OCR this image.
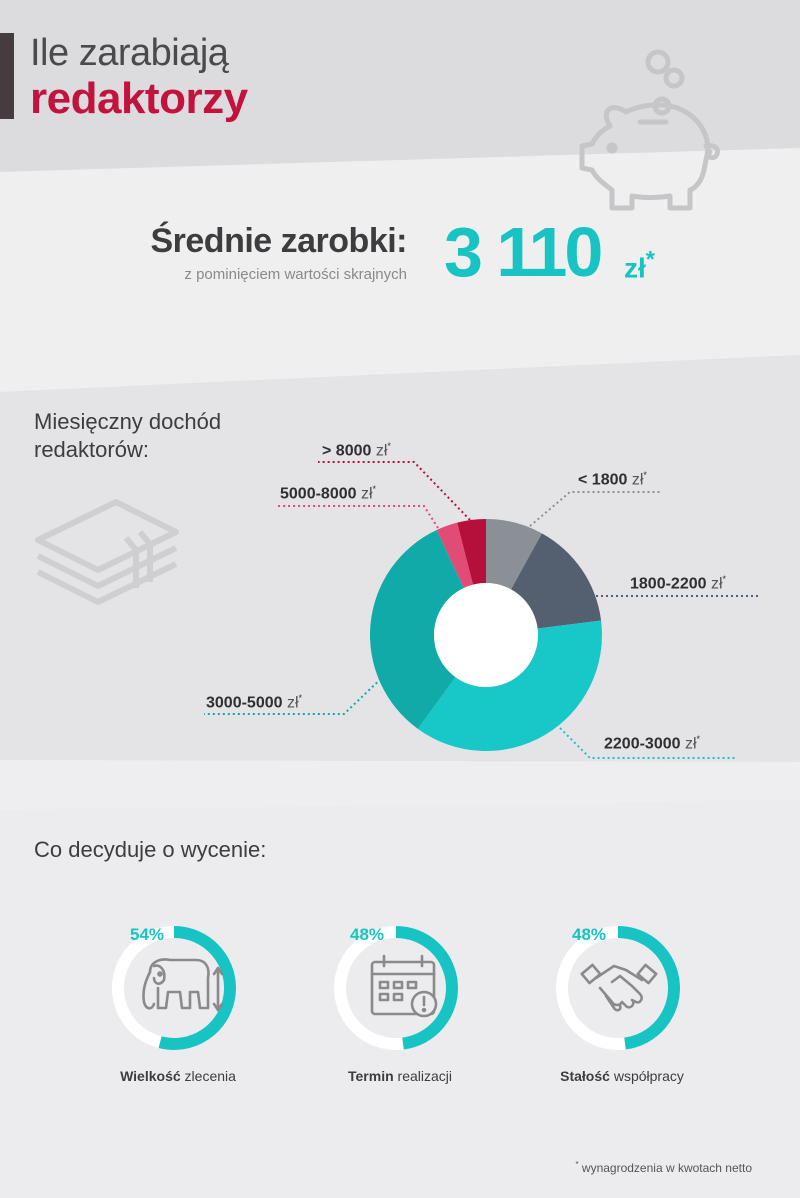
Ile zarabiają
redaktorzy
Średnie zarobki:
z pominięciem wartości skrajnych 3 110 zł*
Miesięczny dochód
redaktorów:
< 1800 zł*
1800-2200 zł*
2200-3000 zł*
3000-5000 zł*
5000-8000 zł*
> 8000 zł*
Co decyduje o wycenie:
54%	48%	48%
Wielkość zlecenia	Termin realizacji	Stałość współpracy
* wynagrodzenia w kwotach netto
